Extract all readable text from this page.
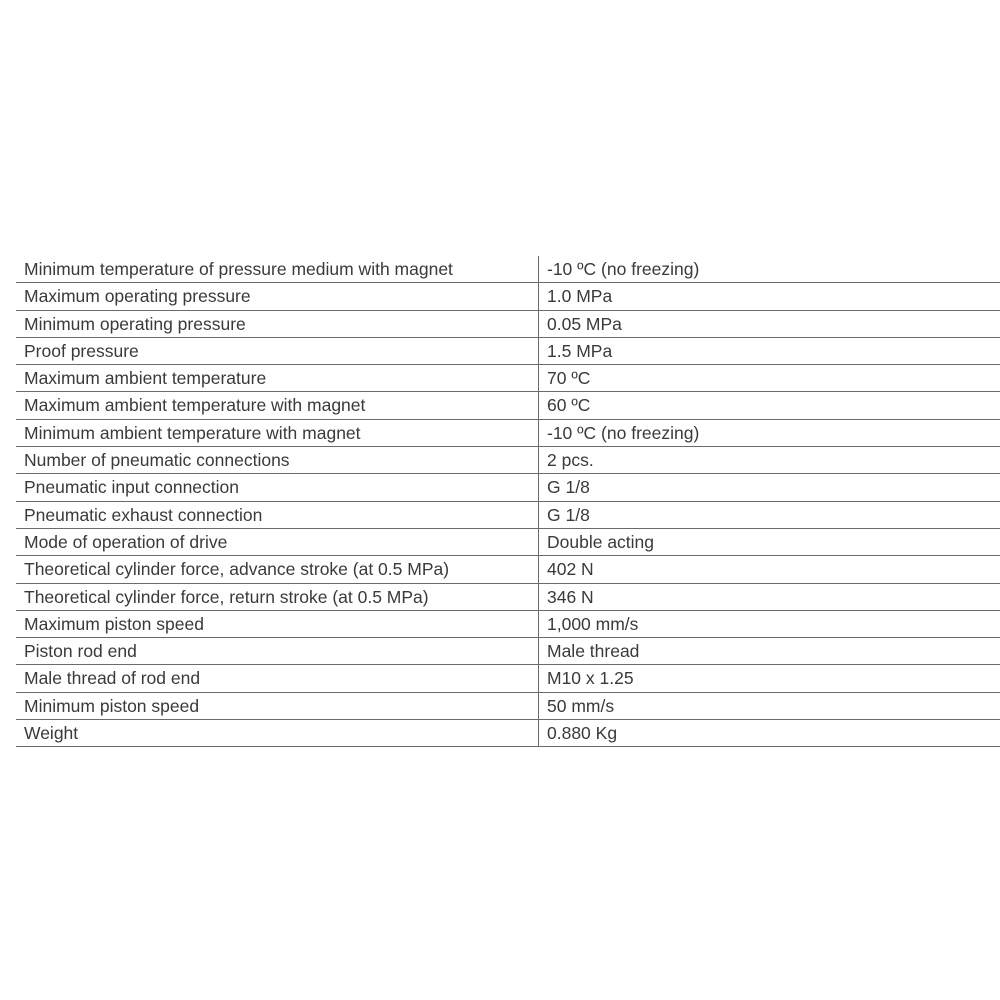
Minimum temperature of pressure medium with magnet	-10 ºC (no freezing)
Maximum operating pressure	1.0 MPa
Minimum operating pressure	0.05 MPa
Proof pressure	1.5 MPa
Maximum ambient temperature	70 ºC
Maximum ambient temperature with magnet	60 ºC
Minimum ambient temperature with magnet	-10 ºC (no freezing)
Number of pneumatic connections	2 pcs.
Pneumatic input connection	G 1/8
Pneumatic exhaust connection	G 1/8
Mode of operation of drive	Double acting
Theoretical cylinder force, advance stroke (at 0.5 MPa)	402 N
Theoretical cylinder force, return stroke (at 0.5 MPa)	346 N
Maximum piston speed	1,000 mm/s
Piston rod end	Male thread
Male thread of rod end	M10 x 1.25
Minimum piston speed	50 mm/s
Weight	0.880 Kg
